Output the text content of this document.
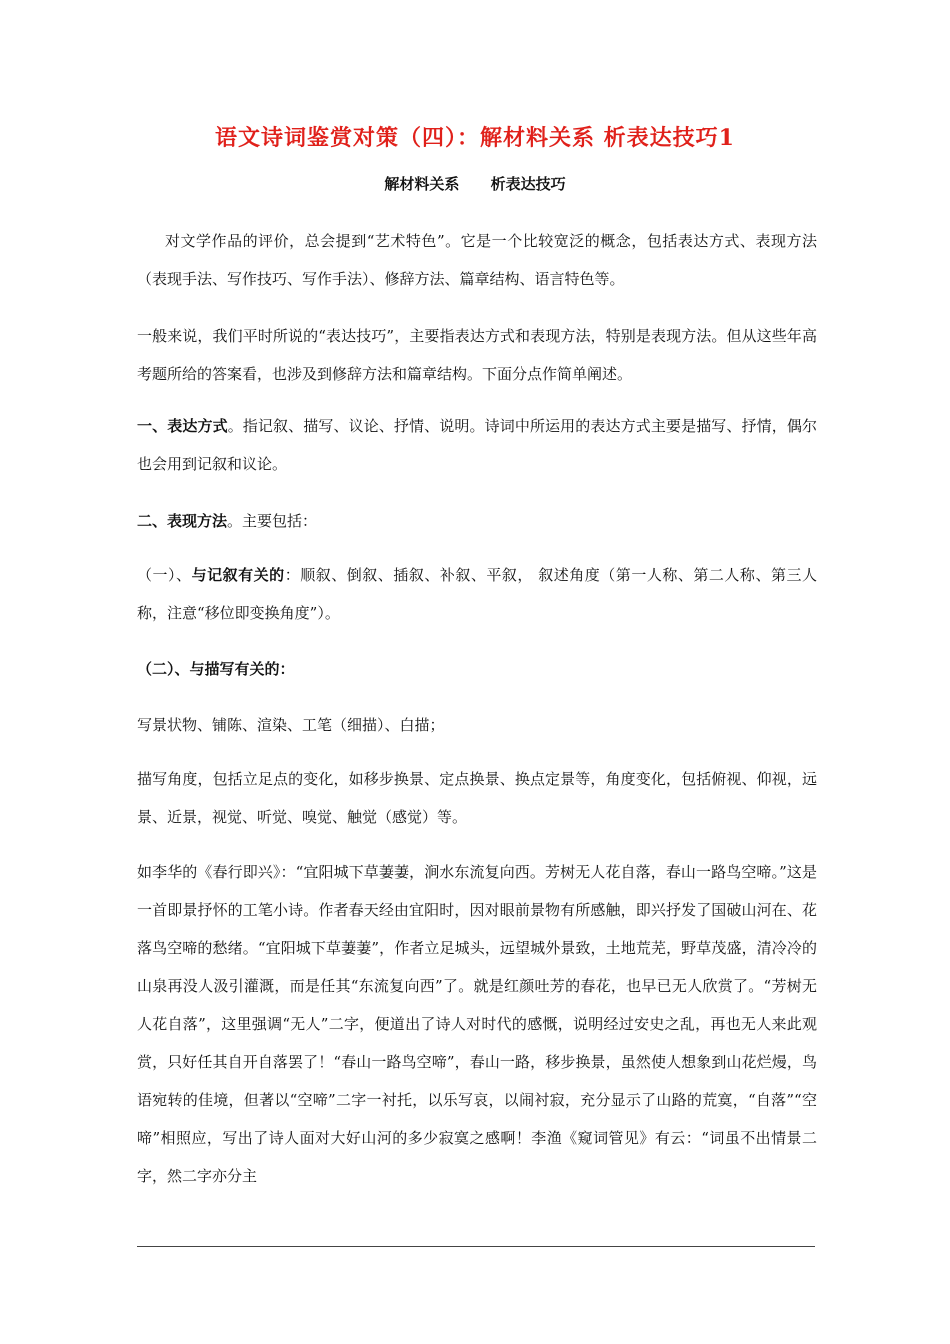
语文诗词鉴赏对策（四）：解材料关系 析表达技巧1
解材料关系      析表达技巧
对文学作品的评价，总会提到“艺术特色”。它是一个比较宽泛的概念，包括表达方式、表现方法（表现手法、写作技巧、写作手法）、修辞方法、篇章结构、语言特色等。
一般来说，我们平时所说的“表达技巧”，主要指表达方式和表现方法，特别是表现方法。但从这些年高考题所给的答案看，也涉及到修辞方法和篇章结构。下面分点作简单阐述。
一、表达方式。指记叙、描写、议论、抒情、说明。诗词中所运用的表达方式主要是描写、抒情，偶尔也会用到记叙和议论。
二、表现方法。主要包括：
（一）、与记叙有关的：顺叙、倒叙、插叙、补叙、平叙， 叙述角度（第一人称、第二人称、第三人称，注意“移位即变换角度”）。
（二）、与描写有关的：
写景状物、铺陈、渲染、工笔（细描）、白描；
描写角度，包括立足点的变化，如移步换景、定点换景、换点定景等，角度变化，包括俯视、仰视，远景、近景，视觉、听觉、嗅觉、触觉（感觉）等。
如李华的《春行即兴》：“宜阳城下草萋萋，涧水东流复向西。芳树无人花自落，春山一路鸟空啼。”这是一首即景抒怀的工笔小诗。作者春天经由宜阳时，因对眼前景物有所感触，即兴抒发了国破山河在、花落鸟空啼的愁绪。“宜阳城下草萋萋”，作者立足城头，远望城外景致，土地荒芜，野草茂盛，清冷冷的山泉再没人汲引灌溉，而是任其“东流复向西”了。就是红颜吐芳的春花，也早已无人欣赏了。“芳树无人花自落”，这里强调“无人”二字，便道出了诗人对时代的感慨，说明经过安史之乱，再也无人来此观赏，只好任其自开自落罢了！“春山一路鸟空啼”，春山一路，移步换景，虽然使人想象到山花烂熳，鸟语宛转的佳境，但著以“空啼”二字一衬托，以乐写哀，以闹衬寂，充分显示了山路的荒寞，“自落”“空啼”相照应，写出了诗人面对大好山河的多少寂寞之感啊！李渔《窥词管见》有云：“词虽不出情景二字，然二字亦分主
